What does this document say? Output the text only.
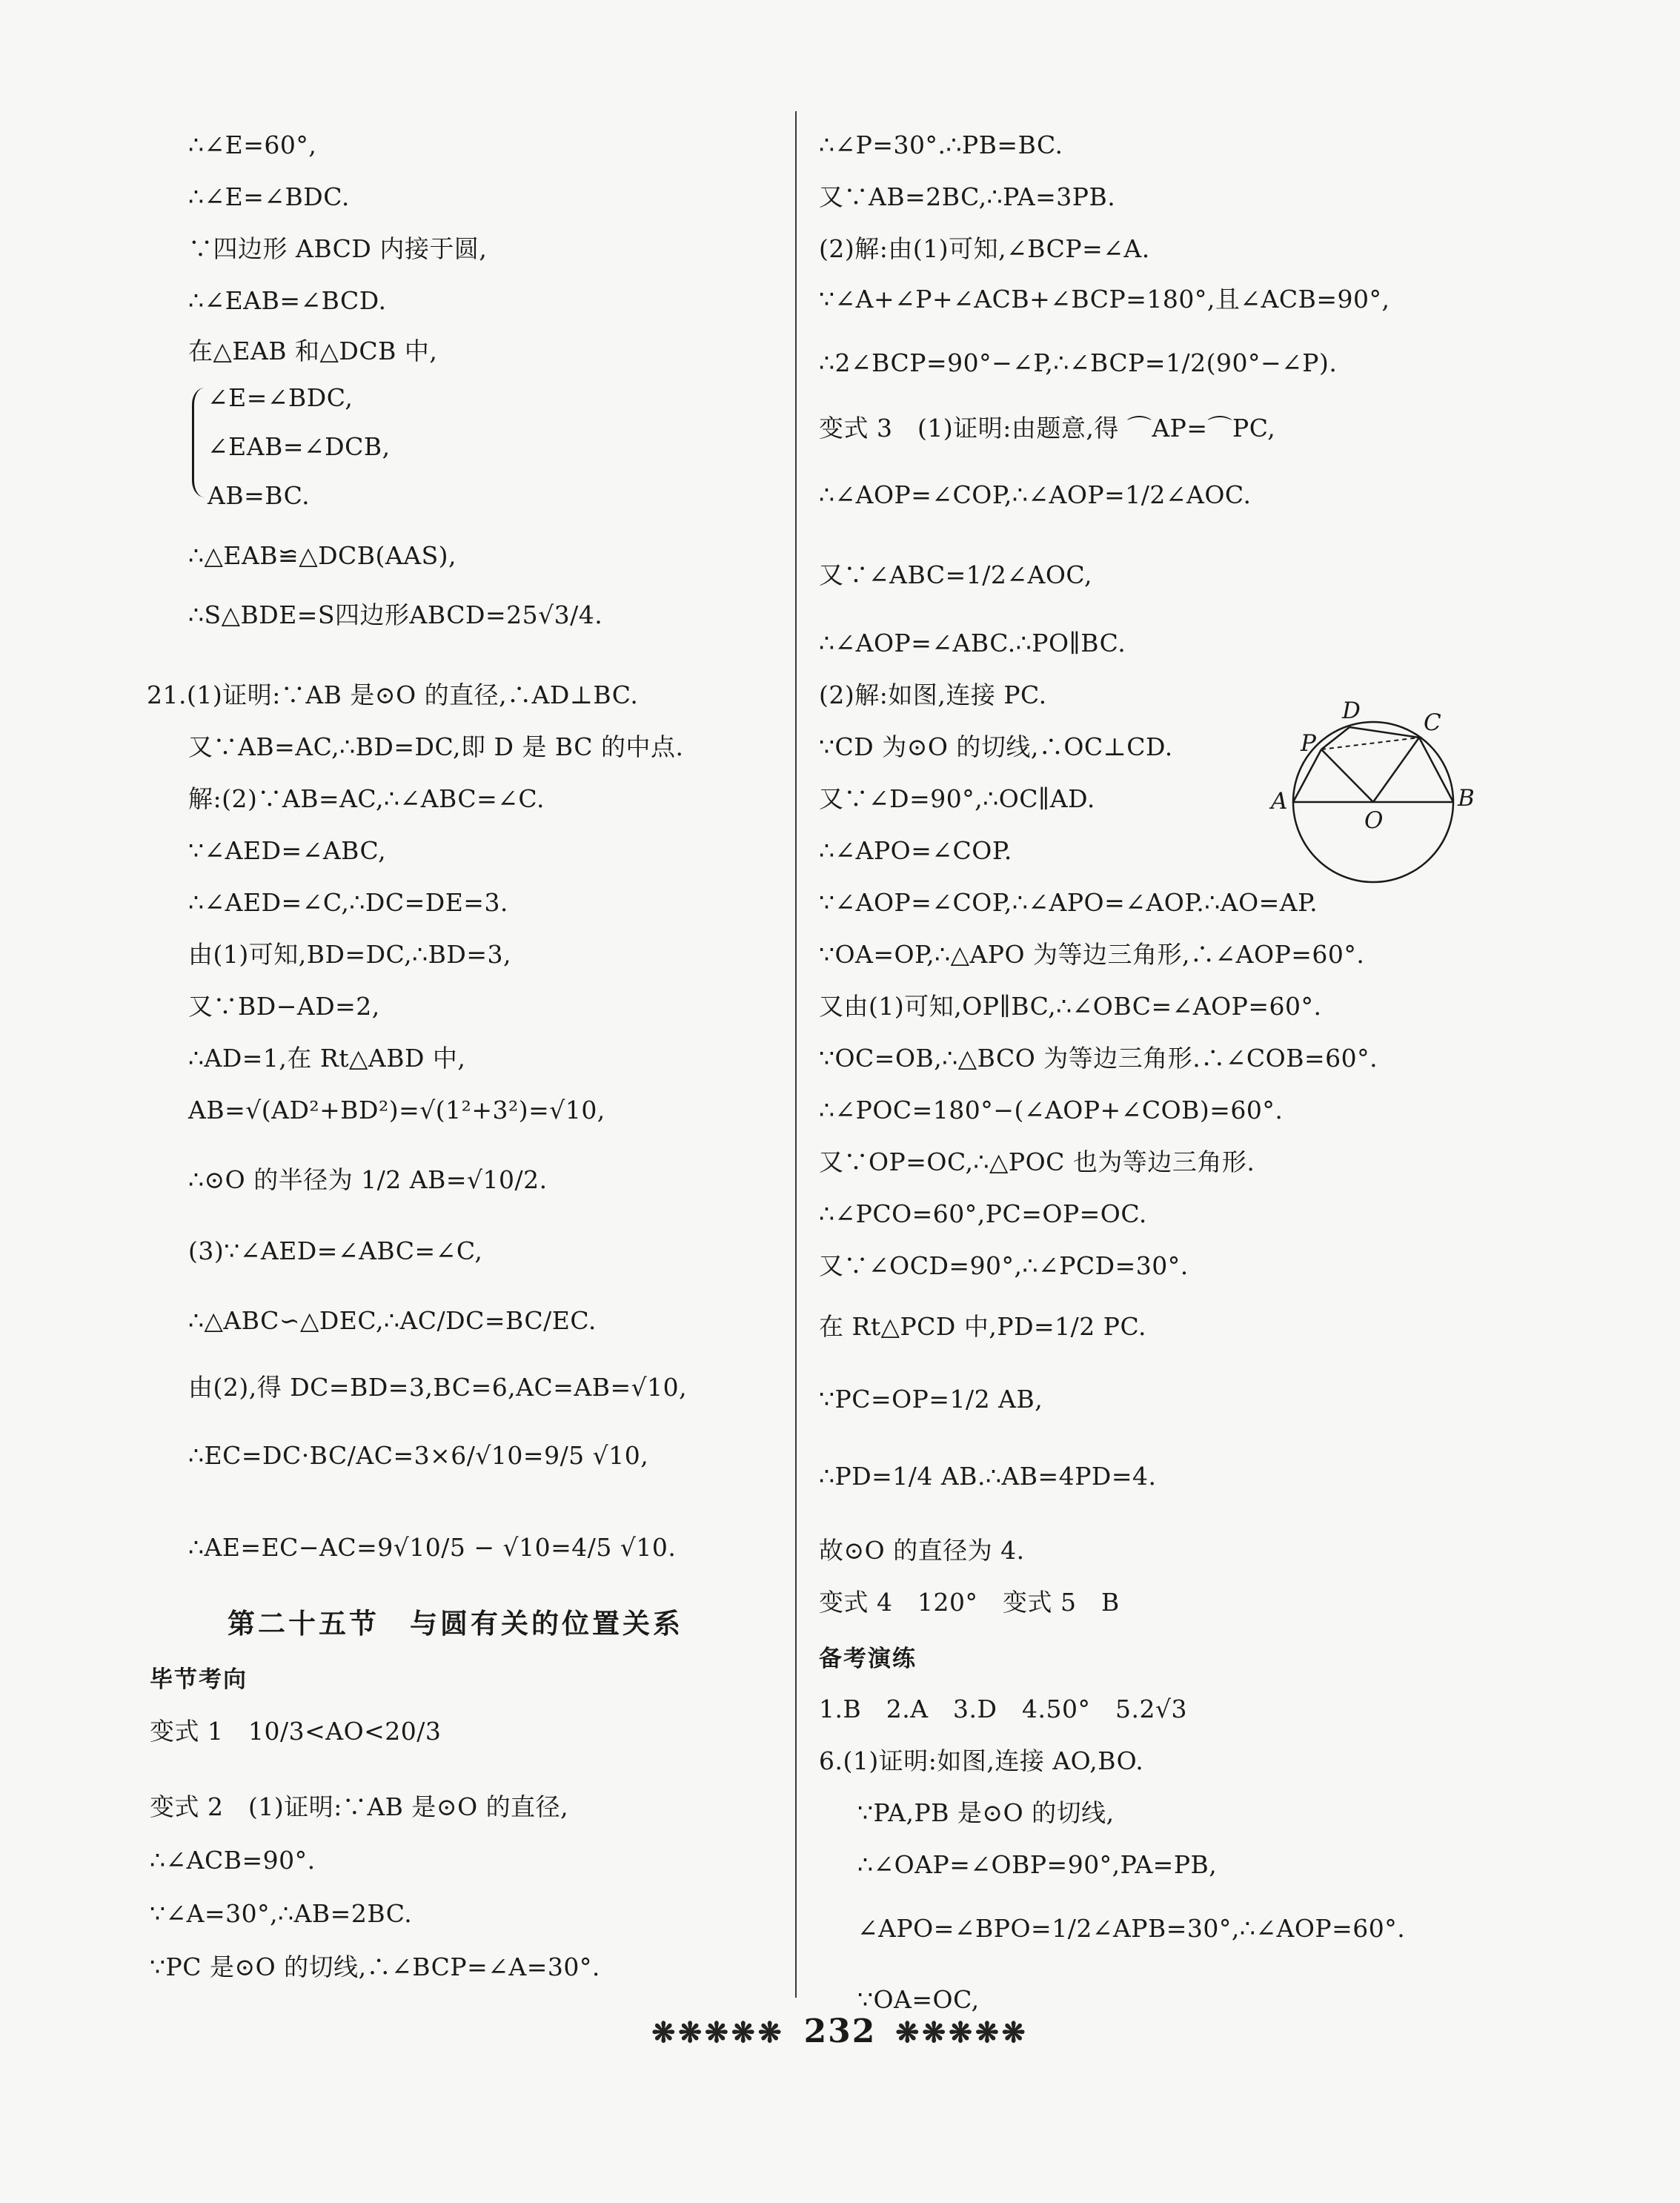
∴∠E=60°,
∴∠E=∠BDC.
∵四边形 ABCD 内接于圆,
∴∠EAB=∠BCD.
在△EAB 和△DCB 中,
∠E=∠BDC,
∠EAB=∠DCB,
AB=BC.
∴△EAB≌△DCB(AAS),
∴S△BDE=S四边形ABCD=25√3/4.
21.(1)证明:∵AB 是⊙O 的直径,∴AD⊥BC.
又∵AB=AC,∴BD=DC,即 D 是 BC 的中点.
解:(2)∵AB=AC,∴∠ABC=∠C.
∵∠AED=∠ABC,
∴∠AED=∠C,∴DC=DE=3.
由(1)可知,BD=DC,∴BD=3,
又∵BD−AD=2,
∴AD=1,在 Rt△ABD 中,
AB=√(AD²+BD²)=√(1²+3²)=√10,
∴⊙O 的半径为 1/2 AB=√10/2.
(3)∵∠AED=∠ABC=∠C,
∴△ABC∽△DEC,∴AC/DC=BC/EC.
由(2),得 DC=BD=3,BC=6,AC=AB=√10,
∴EC=DC·BC/AC=3×6/√10=9/5 √10,
∴AE=EC−AC=9√10/5 − √10=4/5 √10.
第二十五节　与圆有关的位置关系
毕节考向
变式 1　10/3<AO<20/3
变式 2　(1)证明:∵AB 是⊙O 的直径,
∴∠ACB=90°.
∵∠A=30°,∴AB=2BC.
∵PC 是⊙O 的切线,∴∠BCP=∠A=30°.
∴∠P=30°.∴PB=BC.
又∵AB=2BC,∴PA=3PB.
(2)解:由(1)可知,∠BCP=∠A.
∵∠A+∠P+∠ACB+∠BCP=180°,且∠ACB=90°,
∴2∠BCP=90°−∠P,∴∠BCP=1/2(90°−∠P).
变式 3　(1)证明:由题意,得 ⌒AP=⌒PC,
∴∠AOP=∠COP,∴∠AOP=1/2∠AOC.
又∵∠ABC=1/2∠AOC,
∴∠AOP=∠ABC.∴PO∥BC.
(2)解:如图,连接 PC.
∵CD 为⊙O 的切线,∴OC⊥CD.
又∵∠D=90°,∴OC∥AD.
∴∠APO=∠COP.
∵∠AOP=∠COP,∴∠APO=∠AOP.∴AO=AP.
∵OA=OP,∴△APO 为等边三角形,∴∠AOP=60°.
又由(1)可知,OP∥BC,∴∠OBC=∠AOP=60°.
∵OC=OB,∴△BCO 为等边三角形.∴∠COB=60°.
∴∠POC=180°−(∠AOP+∠COB)=60°.
又∵OP=OC,∴△POC 也为等边三角形.
∴∠PCO=60°,PC=OP=OC.
又∵∠OCD=90°,∴∠PCD=30°.
在 Rt△PCD 中,PD=1/2 PC.
∵PC=OP=1/2 AB,
∴PD=1/4 AB.∴AB=4PD=4.
故⊙O 的直径为 4.
变式 4　120°　变式 5　B
备考演练
1.B　2.A　3.D　4.50°　5.2√3
6.(1)证明:如图,连接 AO,BO.
∵PA,PB 是⊙O 的切线,
∴∠OAP=∠OBP=90°,PA=PB,
∠APO=∠BPO=1/2∠APB=30°,∴∠AOP=60°.
∵OA=OC,
D	C
P
A
O
B
❋❋❋❋❋ 232 ❋❋❋❋❋
